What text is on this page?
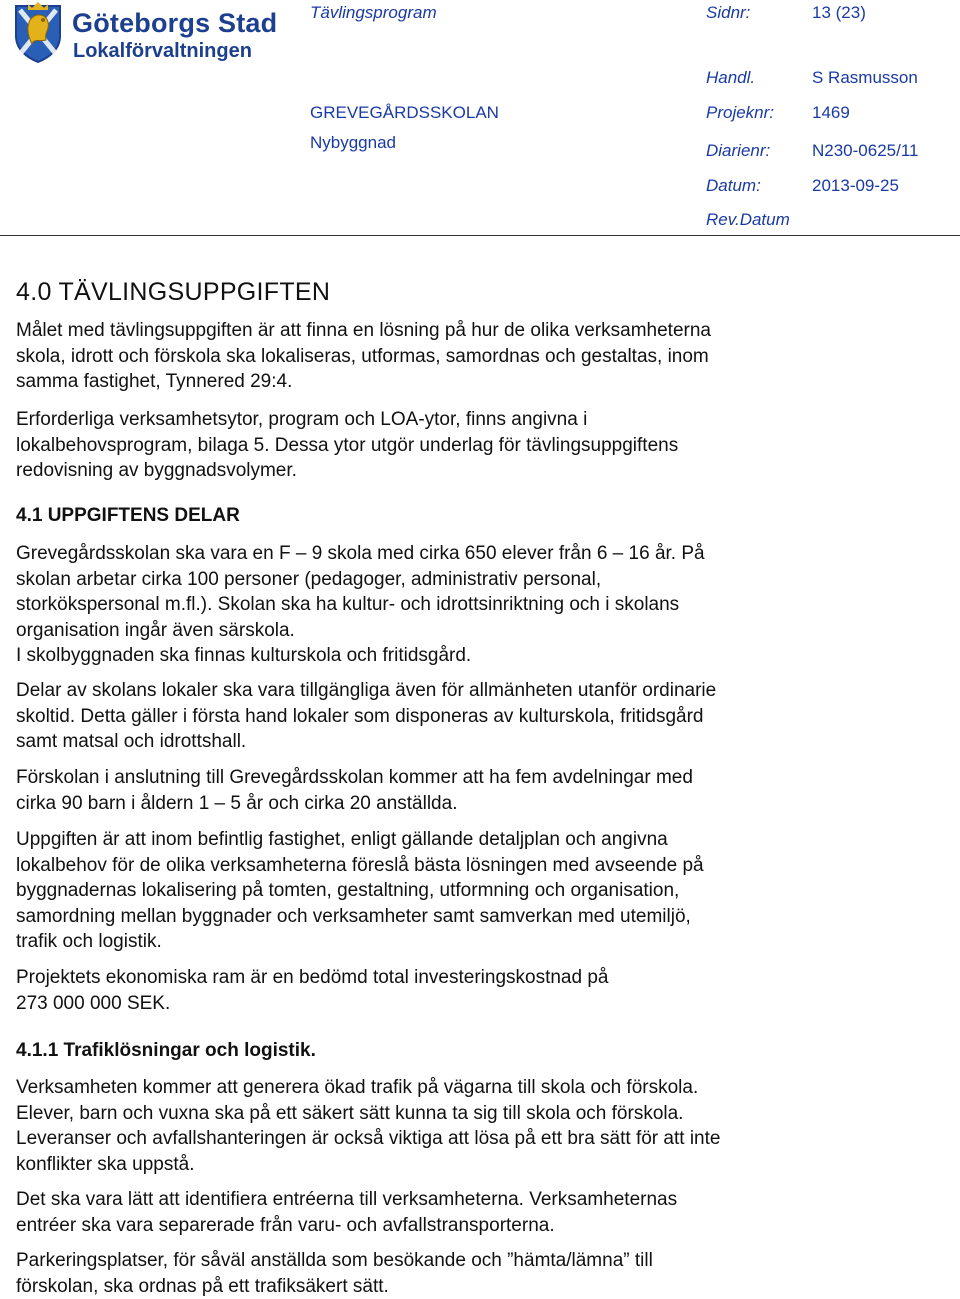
Göteborgs Stad
Lokalförvaltningen
Tävlingsprogram
GREVEGÅRDSSKOLAN
Nybyggnad
Sidnr:	13 (23)
Handl.	S Rasmusson
Projeknr: 1469
Diarienr: N230-0625/11
Datum:	2013-09-25
Rev.Datum
4.0 TÄVLINGSUPPGIFTEN

Målet med tävlingsuppgiften är att finna en lösning på hur de olika verksamheterna

skola, idrott och förskola ska lokaliseras, utformas, samordnas och gestaltas, inom

samma fastighet, Tynnered 29:4.

Erforderliga verksamhetsytor, program och LOA-ytor, finns angivna i

lokalbehovsprogram, bilaga 5. Dessa ytor utgör underlag för tävlingsuppgiftens

redovisning av byggnadsvolymer.

4.1 UPPGIFTENS DELAR

Grevegårdsskolan ska vara en F – 9 skola med cirka 650 elever från 6 – 16 år. På

skolan arbetar cirka 100 personer (pedagoger, administrativ personal,

storkökspersonal m.fl.). Skolan ska ha kultur- och idrottsinriktning och i skolans

organisation ingår även särskola.

I skolbyggnaden ska finnas kulturskola och fritidsgård.

Delar av skolans lokaler ska vara tillgängliga även för allmänheten utanför ordinarie

skoltid. Detta gäller i första hand lokaler som disponeras av kulturskola, fritidsgård

samt matsal och idrottshall.

Förskolan i anslutning till Grevegårdsskolan kommer att ha fem avdelningar med

cirka 90 barn i åldern 1 – 5 år och cirka 20 anställda.

Uppgiften är att inom befintlig fastighet, enligt gällande detaljplan och angivna

lokalbehov för de olika verksamheterna föreslå bästa lösningen med avseende på

byggnadernas lokalisering på tomten, gestaltning, utformning och organisation,

samordning mellan byggnader och verksamheter samt samverkan med utemiljö,

trafik och logistik.

Projektets ekonomiska ram är en bedömd total investeringskostnad på

273 000 000 SEK.

4.1.1 Trafiklösningar och logistik.

Verksamheten kommer att generera ökad trafik på vägarna till skola och förskola.

Elever, barn och vuxna ska på ett säkert sätt kunna ta sig till skola och förskola.

Leveranser och avfallshanteringen är också viktiga att lösa på ett bra sätt för att inte

konflikter ska uppstå.

Det ska vara lätt att identifiera entréerna till verksamheterna. Verksamheternas

entréer ska vara separerade från varu- och avfallstransporterna.

Parkeringsplatser, för såväl anställda som besökande och ”hämta/lämna” till

förskolan, ska ordnas på ett trafiksäkert sätt.
